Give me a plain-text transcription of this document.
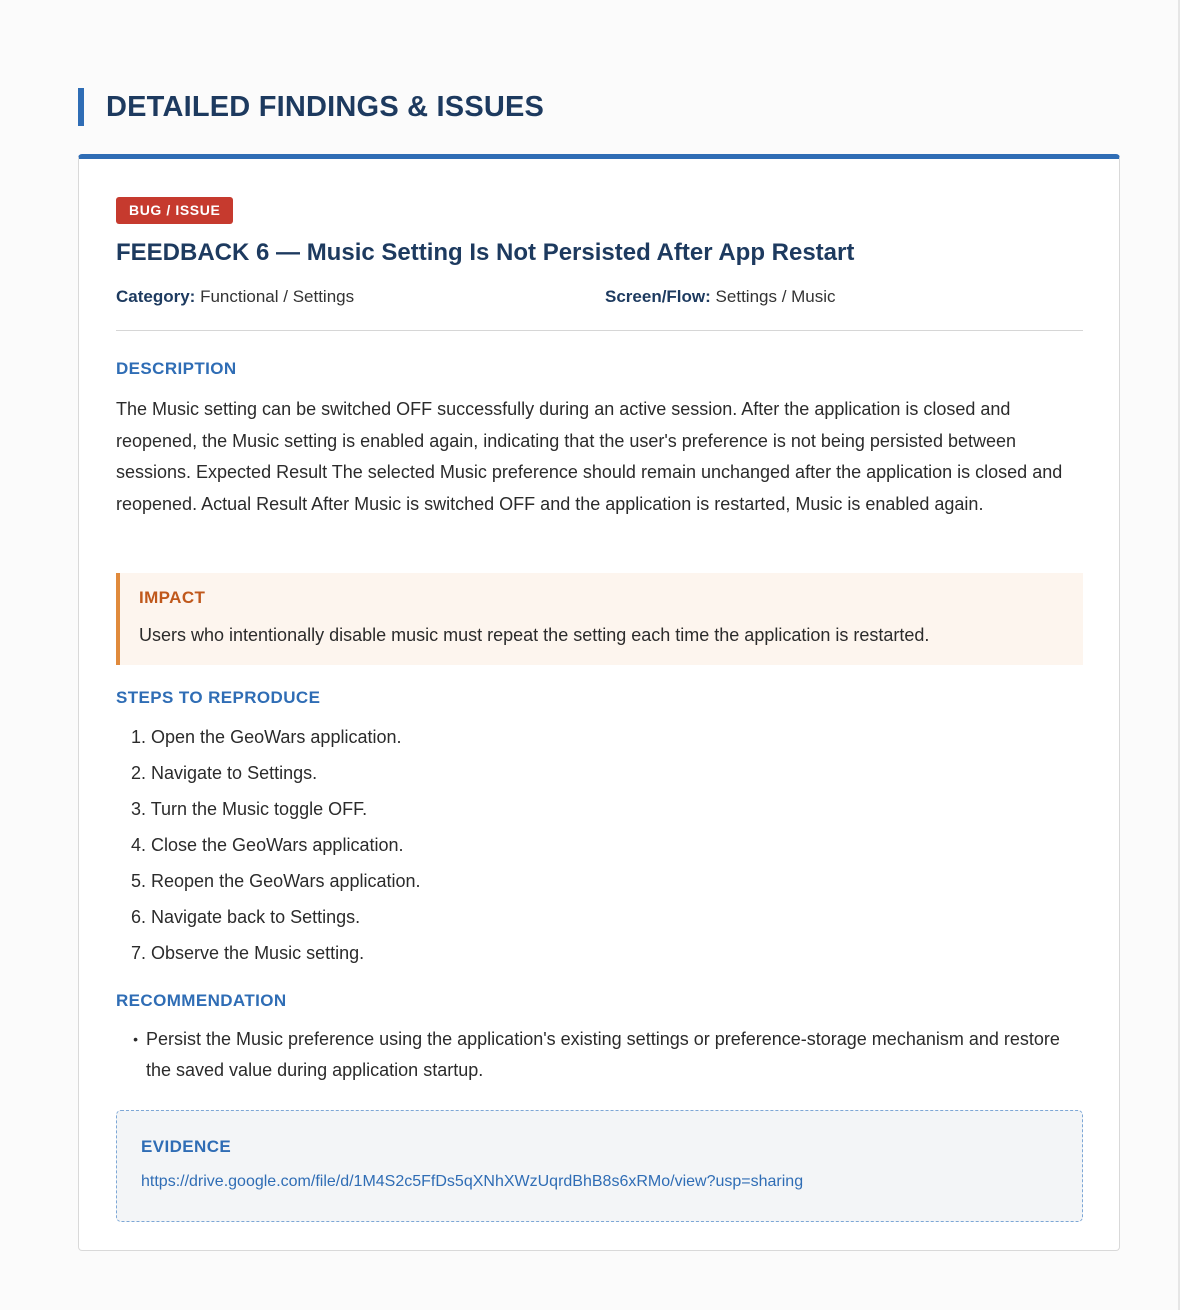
DETAILED FINDINGS & ISSUES
BUG / ISSUE
FEEDBACK 6 — Music Setting Is Not Persisted After App Restart
Category: Functional / Settings	Screen/Flow: Settings / Music
DESCRIPTION
The Music setting can be switched OFF successfully during an active session. After the application is closed and reopened, the Music setting is enabled again, indicating that the user's preference is not being persisted between sessions. Expected Result The selected Music preference should remain unchanged after the application is closed and reopened. Actual Result After Music is switched OFF and the application is restarted, Music is enabled again.
IMPACT
Users who intentionally disable music must repeat the setting each time the application is restarted.
STEPS TO REPRODUCE
1. Open the GeoWars application.
2. Navigate to Settings.
3. Turn the Music toggle OFF.
4. Close the GeoWars application.
5. Reopen the GeoWars application.
6. Navigate back to Settings.
7. Observe the Music setting.
RECOMMENDATION
• Persist the Music preference using the application's existing settings or preference-storage mechanism and restore the saved value during application startup.
EVIDENCE
https://drive.google.com/file/d/1M4S2c5FfDs5qXNhXWzUqrdBhB8s6xRMo/view?usp=sharing
